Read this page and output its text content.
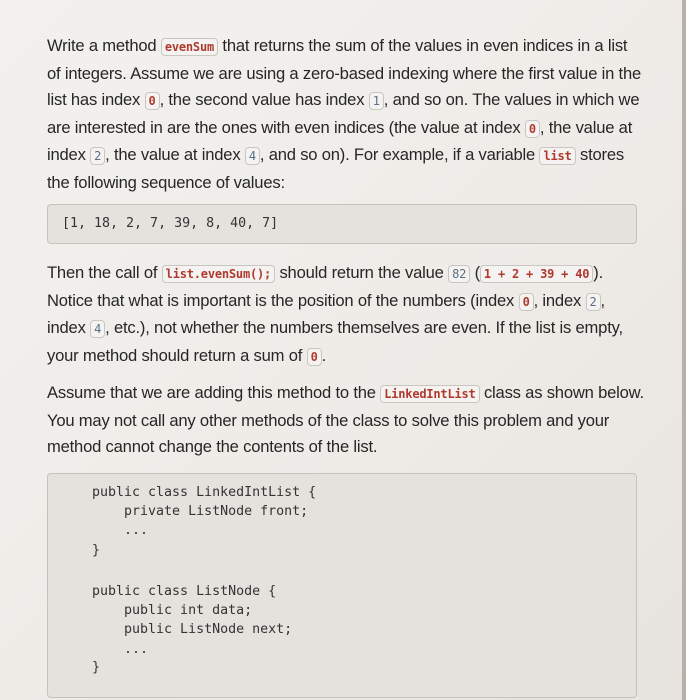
Write a method evenSum that returns the sum of the values in even indices in a list of integers. Assume we are using a zero-based indexing where the first value in the list has index 0 , the second value has index 1 , and so on. The values in which we are interested in are the ones with even indices (the value at index 0 , the value at index 2 , the value at index 4 , and so on). For example, if a variable list stores the following sequence of values:

[1, 18, 2, 7, 39, 8, 40, 7]

Then the call of list.evenSum(); should return the value 82 ( 1 + 2 + 39 + 40 ). Notice that what is important is the position of the numbers (index 0 , index 2 , index 4 , etc.), not whether the numbers themselves are even. If the list is empty, your method should return a sum of 0 .

Assume that we are adding this method to the LinkedIntList class as shown below. You may not call any other methods of the class to solve this problem and your method cannot change the contents of the list.

public class LinkedIntList {
private ListNode front;
...
}
public class ListNode {
public int data;
public ListNode next;
...
}
